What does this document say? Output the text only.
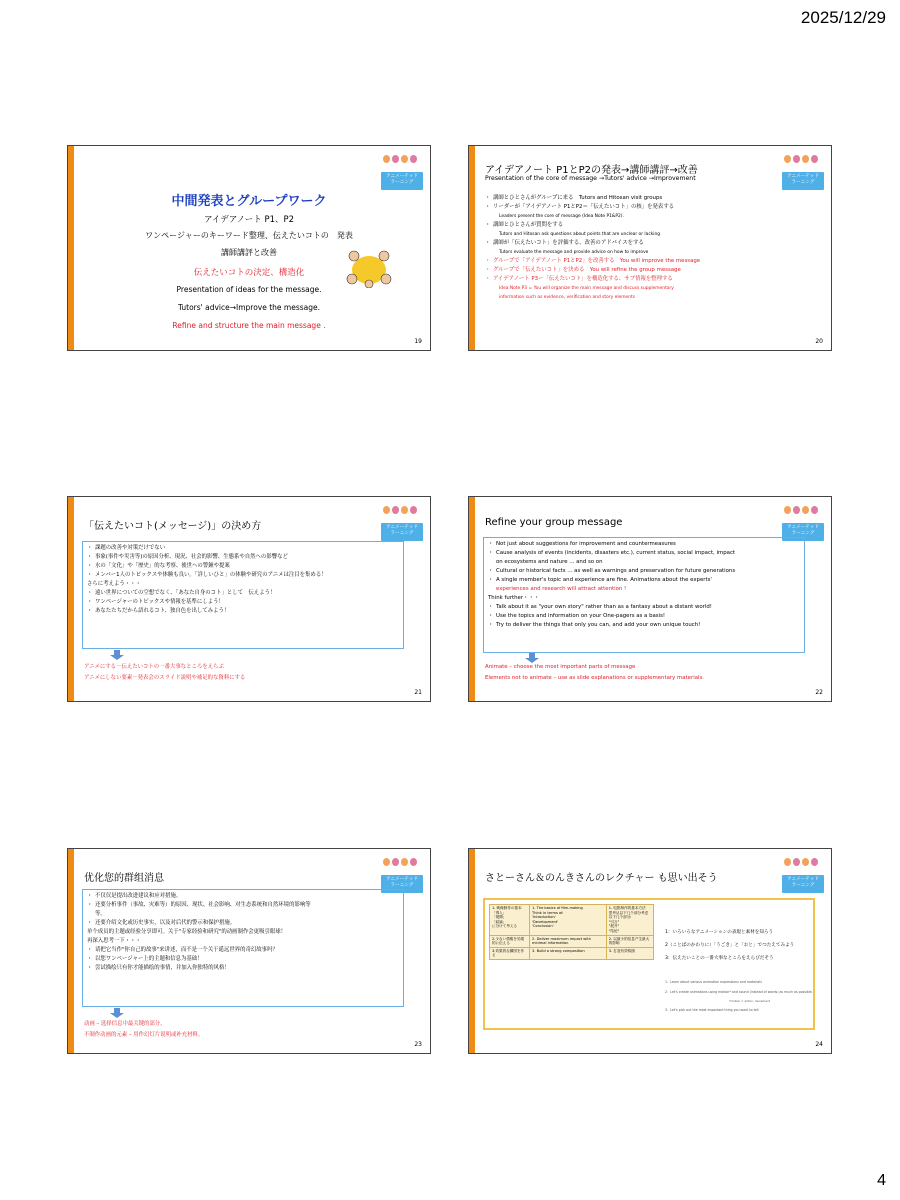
2025/12/29
アニメーテッド
ラーニング
中間発表とグループワーク
アイデアノート P1、P2
ワンページャーのキーワード整理、伝えたいコトの　発表
講師講評と改善
伝えたいコトの決定、構造化
Presentation of ideas for the message.
Tutors' advice→Improve the message.
Refine and structure the main message .
19
アニメーテッド
ラーニング
アイデアノート P1とP2の発表→講師講評→改善
Presentation of the core of message →Tutors' advice →Improvement
・ 講師とひとさんがグループに来る　Tutors and Hitosan visit groups
・ リーダーが「アイデアノート P1とP2＝「伝えたいコト」の核」を発表する
Leaders present the core of message (Idea Note P1&P2).
・ 講師とひとさんが質問をする
Tutors and Hitosan ask questions about points that are unclear or lacking
・ 講師が「伝えたいコト」を評価する、改善のアドバイスをする
Tutors evaluate the message and provide advice on how to improve
・ グループで「アイデアノート P1とP2」を改善する　You will improve the message
・ グループで「伝えたいコト」を決める　You will refine the group message
・ アイデアノート P3ー「伝えたいコト」を構造化する、サブ情報を整理する
Idea Note P3 = You will organize the main message and discuss supplementary
information such as evidence, verification and story elements
20
アニメーテッド
ラーニング
「伝えたいコト(メッセージ)」の決め方
・ 課題の改善や対策だけでない
・ 事象(事件や災害等)の原因分析、現況、社会的影響、生態系や自然への影響など
・ 水の「文化」や「歴史」的な考察、後世への警鐘や提案
・ メンバー1人のトピックスや体験も良い。「詳しいひと」の体験や研究のアニメは注目を集める！
さらに考えよう・・・
・ 遠い世界についての空想でなく、「あなた自身のコト」として　伝えよう！
・ ワンページャーのトピックスや情報を基準にしよう！
・ あなたたちだから語れるコト、独自色を出してみよう！
アニメにする－伝えたいコトの一番大事なところをえらぶ
アニメにしない要素－発表会のスライド説明や補足的な資料にする
21
アニメーテッド
ラーニング
Refine your group message
・ Not just about suggestions for improvement and countermeasures
・ Cause analysis of events (incidents, disasters etc.), current status, social impact, impact
on ecosystems and nature ... and so on
・ Cultural or historical facts ... as well as warnings and preservation for future generations
・ A single member's topic and experience are fine. Animations about the experts'
experiences and research will attract attention !
Think further・・・
・ Talk about it as "your own story" rather than as a fantasy about a distant world!
・ Use the topics and information on your One-pagers as a basis!
・ Try to deliver the things that only you can, and add your own unique touch!
Animate – choose the most important parts of message
Elements not to animate – use as slide explanations or supplementary materials.
22
アニメーテッド
ラーニング
优化您的群组消息
・ 不仅仅是提出改进建议和应对措施。
・ 还要分析事件（事故、灾难等）的原因、现状、社会影响、对生态系统和自然环境的影响等
等。
・ 还要介绍文化或历史事实，以及对后代的警示和保护措施。
单个成员的主题或经验分享即可。关于"专家经验和研究"的动画制作会更吸引眼球！
再深入思考一下・・・
・ 请把它当作"你自己的故事"来讲述，而不是一个关于遥远世界的奇幻故事吗？
・ 以您ワンページャー上的主题和信息为基础！
・ 尝试描绘只有你才能描绘的事情，并加入你独特的风格！
动画 – 选择信息中最关键的部分。
不制作动画的元素 – 用作幻灯片说明或补充材料。
23
アニメーテッド
ラーニング
さとーさん＆のんきさんのレクチャー も思い出そう
1. 映像制作の基本
「導入」
「展開」
「結論」
に分けて考える	1. The basics of film-making
Think in terms of:
'Introduction'
'Development'
'Conclusion'	1. 电影制作的基本方法
思考从以下几个部分考虑以下几个部分:
"引言"
"展开"
"结论"
2.少ない情報を効果的に伝える	2. Deliver maximum impact with minimal information	2. 以最少的信息产生最大的影响
3.効果的な構図を作る	3. Build a strong composition	3. 打造有效构图
1：いろいろなアニメーションの表現と素材を知ろう
2（ことばのかわりに）「うごき」と「おと」でつたえてみよう
3：伝えたいことの一番大事なところをえらびだそう
1：Learn about various animation expressions and materials
2：Let's create animations using motion* and sound (instead of words) as much as possible.
*motion = action, movement
3：Let's pick out the most important thing you want to tell
24
4
